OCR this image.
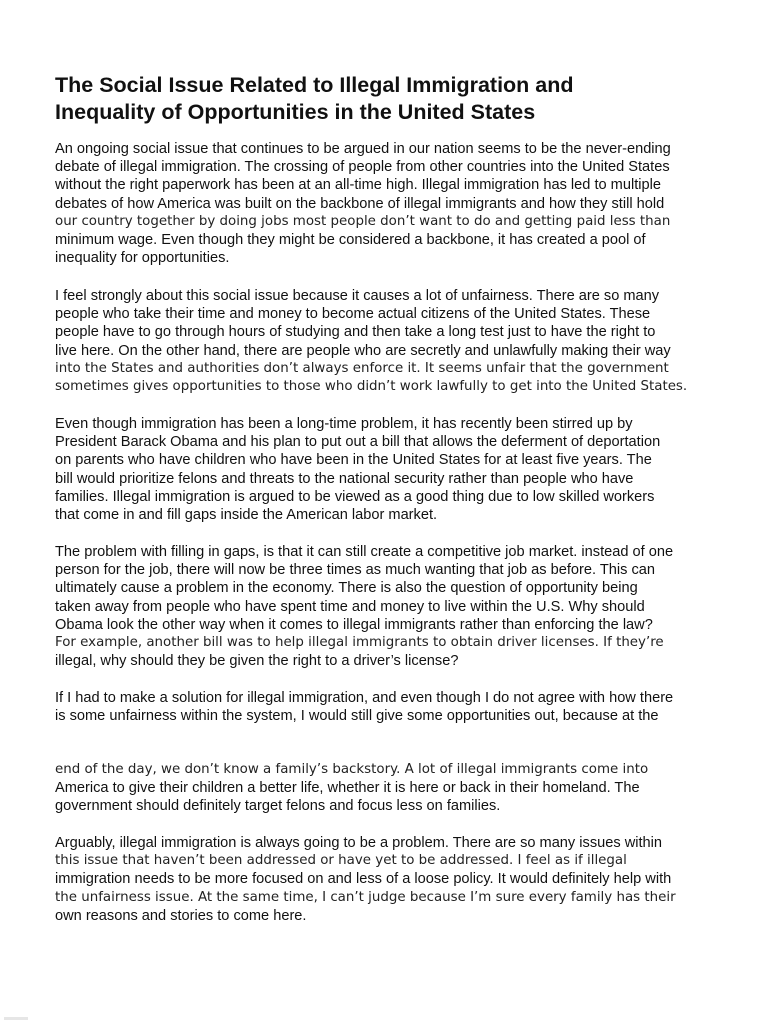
The Social Issue Related to Illegal Immigration and
Inequality of Opportunities in the United States

An ongoing social issue that continues to be argued in our nation seems to be the never-ending
debate of illegal immigration. The crossing of people from other countries into the United States
without the right paperwork has been at an all-time high. Illegal immigration has led to multiple
debates of how America was built on the backbone of illegal immigrants and how they still hold
our country together by doing jobs most people don’t want to do and getting paid less than
minimum wage. Even though they might be considered a backbone, it has created a pool of
inequality for opportunities.

I feel strongly about this social issue because it causes a lot of unfairness. There are so many
people who take their time and money to become actual citizens of the United States. These
people have to go through hours of studying and then take a long test just to have the right to
live here. On the other hand, there are people who are secretly and unlawfully making their way
into the States and authorities don’t always enforce it. It seems unfair that the government
sometimes gives opportunities to those who didn’t work lawfully to get into the United States.

Even though immigration has been a long-time problem, it has recently been stirred up by
President Barack Obama and his plan to put out a bill that allows the deferment of deportation
on parents who have children who have been in the United States for at least five years. The
bill would prioritize felons and threats to the national security rather than people who have
families. Illegal immigration is argued to be viewed as a good thing due to low skilled workers
that come in and fill gaps inside the American labor market.

The problem with filling in gaps, is that it can still create a competitive job market. instead of one
person for the job, there will now be three times as much wanting that job as before. This can
ultimately cause a problem in the economy. There is also the question of opportunity being
taken away from people who have spent time and money to live within the U.S. Why should
Obama look the other way when it comes to illegal immigrants rather than enforcing the law?
For example, another bill was to help illegal immigrants to obtain driver licenses. If they’re
illegal, why should they be given the right to a driver’s license?

If I had to make a solution for illegal immigration, and even though I do not agree with how there
is some unfairness within the system, I would still give some opportunities out, because at the

end of the day, we don’t know a family’s backstory. A lot of illegal immigrants come into
America to give their children a better life, whether it is here or back in their homeland. The
government should definitely target felons and focus less on families.

Arguably, illegal immigration is always going to be a problem. There are so many issues within
this issue that haven’t been addressed or have yet to be addressed. I feel as if illegal
immigration needs to be more focused on and less of a loose policy. It would definitely help with
the unfairness issue. At the same time, I can’t judge because I’m sure every family has their
own reasons and stories to come here.
